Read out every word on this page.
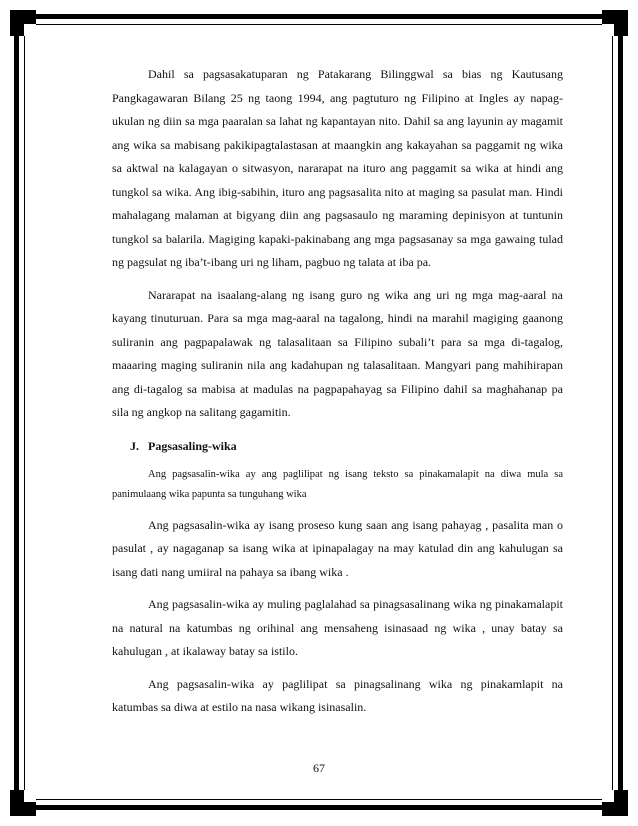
Dahil sa pagsasakatuparan ng Patakarang Bilinggwal sa bias ng Kautusang Pangkagawaran Bilang 25 ng taong 1994, ang pagtuturo ng Filipino at Ingles ay napag-ukulan ng diin sa mga paaralan sa lahat ng kapantayan nito. Dahil sa ang layunin ay magamit ang wika sa mabisang pakikipagtalastasan at maangkin ang kakayahan sa paggamit ng wika sa aktwal na kalagayan o sitwasyon, nararapat na ituro ang paggamit sa wika at hindi ang tungkol sa wika. Ang ibig-sabihin, ituro ang pagsasalita nito at maging sa pasulat man. Hindi mahalagang malaman at bigyang diin ang pagsasaulo ng maraming depinisyon at tuntunin tungkol sa balarila. Magiging kapaki-pakinabang ang mga pagsasanay sa mga gawaing tulad ng pagsulat ng iba’t-ibang uri ng liham, pagbuo ng talata at iba pa.

Nararapat na isaalang-alang ng isang guro ng wika ang uri ng mga mag-aaral na kayang tinuturuan. Para sa mga mag-aaral na tagalong, hindi na marahil magiging gaanong suliranin ang pagpapalawak ng talasalitaan sa Filipino subali’t para sa mga di-tagalog, maaaring maging suliranin nila ang kadahupan ng talasalitaan. Mangyari pang mahihirapan ang di-tagalog sa mabisa at madulas na pagpapahayag sa Filipino dahil sa maghahanap pa sila ng angkop na salitang gagamitin.

J. Pagsasaling-wika

Ang pagsasalin-wika ay ang paglilipat ng isang teksto sa pinakamalapit na diwa mula sa panimulaang wika papunta sa tunguhang wika

Ang pagsasalin-wika ay isang proseso kung saan ang isang pahayag , pasalita man o pasulat , ay nagaganap sa isang wika at ipinapalagay na may katulad din ang kahulugan sa isang dati nang umiiral na pahaya sa ibang wika .

Ang pagsasalin-wika ay muling paglalahad sa pinagsasalinang wika ng pinakamalapit na natural na katumbas ng orihinal ang mensaheng isinasaad ng wika , unay batay sa kahulugan , at ikalaway batay sa istilo.

Ang pagsasalin-wika ay paglilipat sa pinagsalinang wika ng pinakamlapit na katumbas sa diwa at estilo na nasa wikang isinasalin.

67
